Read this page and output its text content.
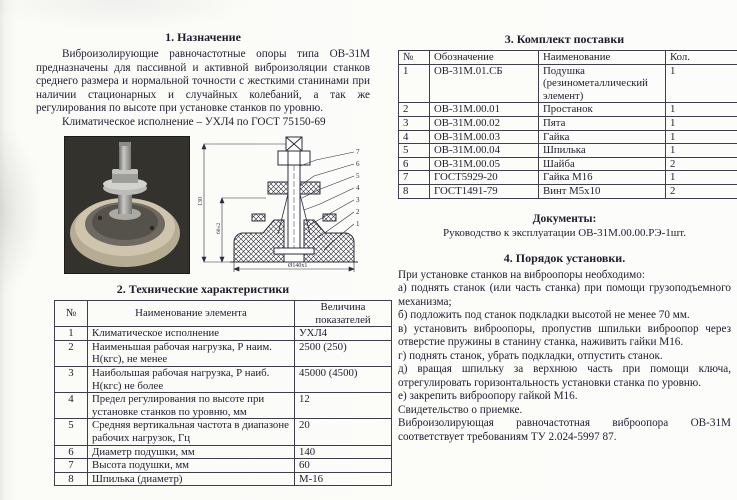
1. Назначение

Виброизолирующие равночастотные опоры типа ОВ-31М предназначены для пассивной и активной виброизоляции станков среднего размера и нормальной точности с жесткими станинами при наличии стационарных и случайных колебаний, а так же регулирования по высоте при установке станков по уровню.

Климатическое исполнение – УХЛ4 по ГОСТ 75150-69

7
6
5
4
3
2
1
Ø140х1
130
60±2

2. Технические характеристики

№	Наименование элемента	Величина показателей
1	Климатическое исполнение	УХЛ4
2	Наименьшая рабочая нагрузка, Р наим. Н(кгс), не менее	2500 (250)
3	Наибольшая рабочая нагрузка, Р наиб. Н(кгс) не более	45000 (4500)
4	Предел регулирования по высоте при установке станков по уровню, мм	12
5	Средняя вертикальная частота в диапазоне рабочих нагрузок, Гц	20
6	Диаметр подушки, мм	140
7	Высота подушки, мм	60
8	Шпилька (диаметр)	М-16

3. Комплект поставки

№	Обозначение	Наименование	Кол.
1	ОВ-31М.01.СБ	Подушка (резинометаллический элемент)	1
2	ОВ-31М.00.01	Простанок	1
3	ОВ-31М.00.02	Пята	1
4	ОВ-31М.00.03	Гайка	1
5	ОВ-31М.00.04	Шпилька	1
6	ОВ-31М.00.05	Шайба	2
7	ГОСТ5929-20	Гайка М16	1
8	ГОСТ1491-79	Винт М5х10	2

Документы:

Руководство к эксплуатации ОВ-31М.00.00.РЭ-1шт.

4. Порядок установки.

При установке станков на виброопоры необходимо:
а) поднять станок (или часть станка) при помощи грузоподъемного механизма;
б) подложить под станок подкладки высотой не менее 70 мм.
в) установить виброопоры, пропустив шпильки виброопор через отверстие пружины в станину станка, наживить гайки М16.
г) поднять станок, убрать подкладки, отпустить станок.
д) вращая шпильку за верхнюю часть при помощи ключа, отрегулировать горизонтальность установки станка по уровню.
е) закрепить виброопору гайкой М16.
Свидетельство о приемке.
Виброизолирующая равночастотная виброопора ОВ-31М соответствует требованиям ТУ 2.024-5997 87.
